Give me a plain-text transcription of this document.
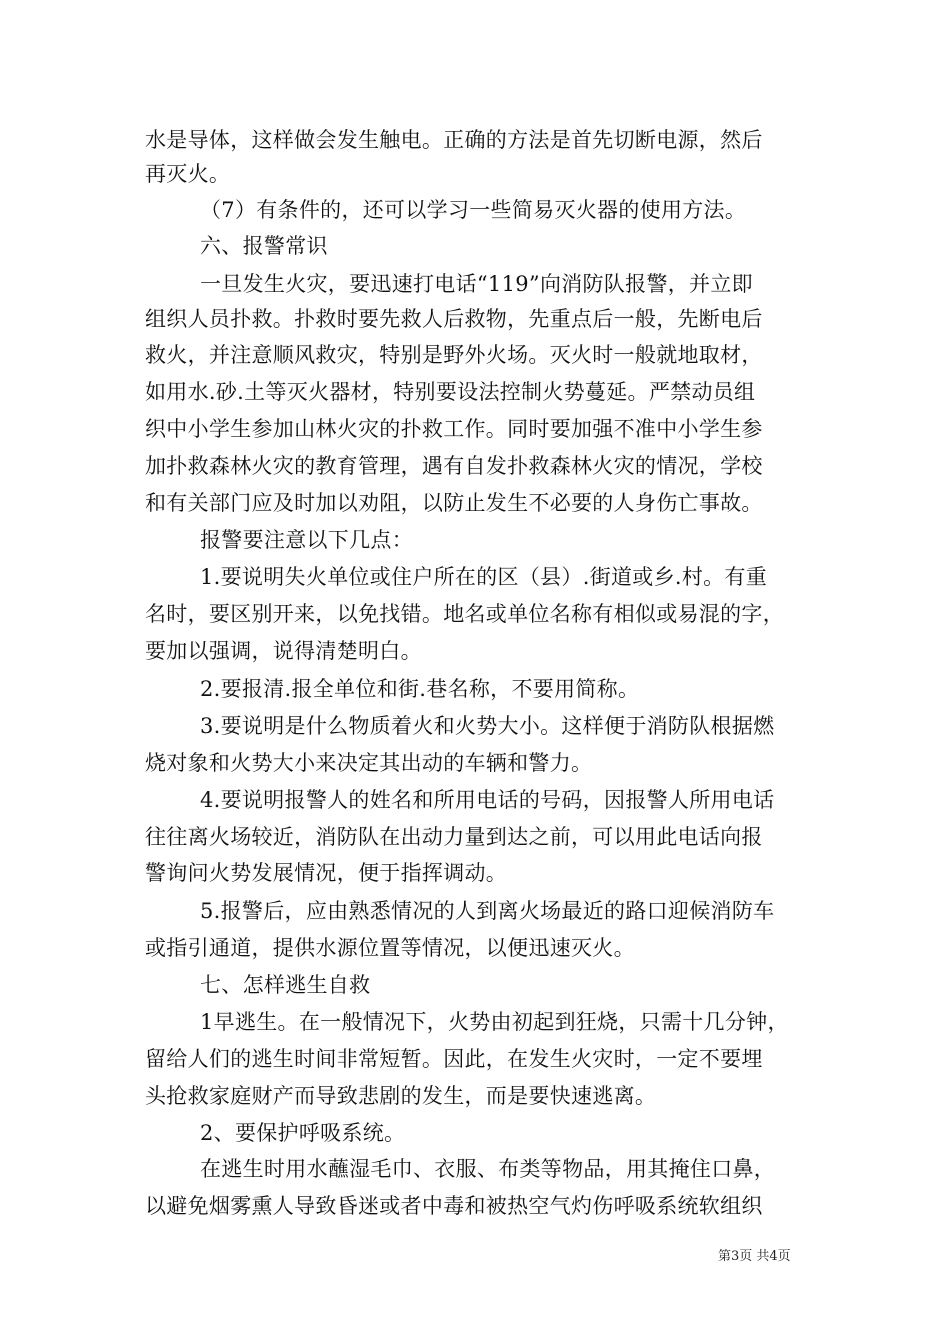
水是导体，这样做会发生触电。正确的方法是首先切断电源，然后
再灭火。
（7）有条件的，还可以学习一些简易灭火器的使用方法。
六、报警常识
一旦发生火灾，要迅速打电话“119”向消防队报警，并立即
组织人员扑救。扑救时要先救人后救物，先重点后一般，先断电后
救火，并注意顺风救灾，特别是野外火场。灭火时一般就地取材，
如用水.砂.土等灭火器材，特别要设法控制火势蔓延。严禁动员组
织中小学生参加山林火灾的扑救工作。同时要加强不准中小学生参
加扑救森林火灾的教育管理，遇有自发扑救森林火灾的情况，学校
和有关部门应及时加以劝阻，以防止发生不必要的人身伤亡事故。
报警要注意以下几点：
1.要说明失火单位或住户所在的区（县）.街道或乡.村。有重
名时，要区别开来，以免找错。地名或单位名称有相似或易混的字，
要加以强调，说得清楚明白。
2.要报清.报全单位和街.巷名称，不要用简称。
3.要说明是什么物质着火和火势大小。这样便于消防队根据燃
烧对象和火势大小来决定其出动的车辆和警力。
4.要说明报警人的姓名和所用电话的号码，因报警人所用电话
往往离火场较近，消防队在出动力量到达之前，可以用此电话向报
警询问火势发展情况，便于指挥调动。
5.报警后，应由熟悉情况的人到离火场最近的路口迎候消防车
或指引通道，提供水源位置等情况，以便迅速灭火。
七、怎样逃生自救
1早逃生。在一般情况下，火势由初起到狂烧，只需十几分钟，
留给人们的逃生时间非常短暂。因此，在发生火灾时，一定不要埋
头抢救家庭财产而导致悲剧的发生，而是要快速逃离。
2、要保护呼吸系统。
在逃生时用水蘸湿毛巾、衣服、布类等物品，用其掩住口鼻，
以避免烟雾熏人导致昏迷或者中毒和被热空气灼伤呼吸系统软组织
第3页 共4页
